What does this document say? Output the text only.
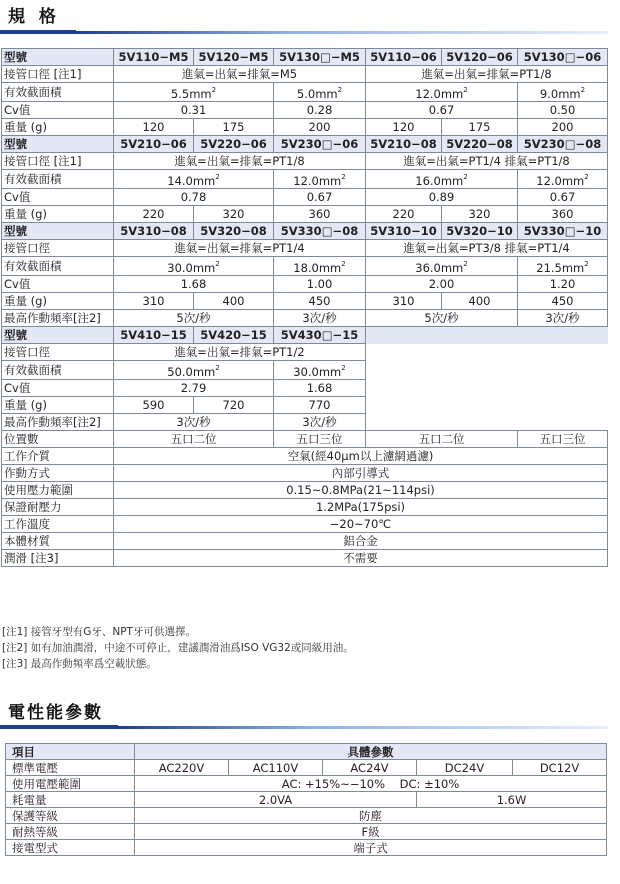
規 格
型號	5V110−M5	5V120−M5	5V130□−M5	5V110−06	5V120−06	5V130□−06
接管口徑 [注1]	進氣=出氣=排氣=M5			進氣=出氣=排氣=PT1/8		
有效截面積	$5.5mm^2$		$5.0mm^2$	$12.0mm^2$		$9.0mm^2$
Cv值	0.31		0.28	0.67		0.50
重量 (g)	120	175	200	120	175	200
型號	5V210−06	5V220−06	5V230□−06	5V210−08	5V220−08	5V230□−08
接管口徑 [注1]	進氣=出氣=排氣=PT1/8			進氣=出氣=PT1/4 排氣=PT1/8		
有效截面積	$14.0mm^2$		$12.0mm^2$	$16.0mm^2$		$12.0mm^2$
Cv值	0.78		0.67	0.89		0.67
重量 (g)	220	320	360	220	320	360
型號	5V310−08	5V320−08	5V330□−08	5V310−10	5V320−10	5V330□−10
接管口徑	進氣=出氣=排氣=PT1/4			進氣=出氣=PT3/8 排氣=PT1/4		
有效截面積	$30.0mm^2$		$18.0mm^2$	$36.0mm^2$		$21.5mm^2$
Cv值	1.68		1.00	2.00		1.20
重量 (g)	310	400	450	310	400	450
最高作動頻率[注2]	5次/秒		3次/秒	5次/秒		3次/秒
型號	5V410−15	5V420−15	5V430□−15			
接管口徑	進氣=出氣=排氣=PT1/2					
有效截面積	$50.0mm^2$		$30.0mm^2$	
Cv值	2.79		1.68			
重量 (g)	590	720	770			
最高作動頻率[注2]	3次/秒		3次/秒			
位置數	五口二位		五口三位	五口二位		五口三位
工作介質	空氣(經40μm以上濾網過濾)					
作動方式	內部引導式					
使用壓力範圍	0.15~0.8MPa(21~114psi)					
保證耐壓力	1.2MPa(175psi)					
工作溫度	−20~70℃					
本體材質	鋁合金					
潤滑 [注3]	不需要					
[注1] 接管牙型有G牙、NPT牙可供選擇。
[注2] 如有加油潤滑，中途不可停止，建議潤滑油爲ISO VG32或同級用油。
[注3] 最高作動頻率爲空載狀態。
電性能參數
項目	具體參數				
標準電壓	AC220V	AC110V	AC24V	DC24V	DC12V
使用電壓範圍	AC: +15%~−10%    DC: ±10%				
耗電量	2.0VA			1.6W	
保護等級	防塵				
耐熱等級	F級				
接電型式	端子式				
